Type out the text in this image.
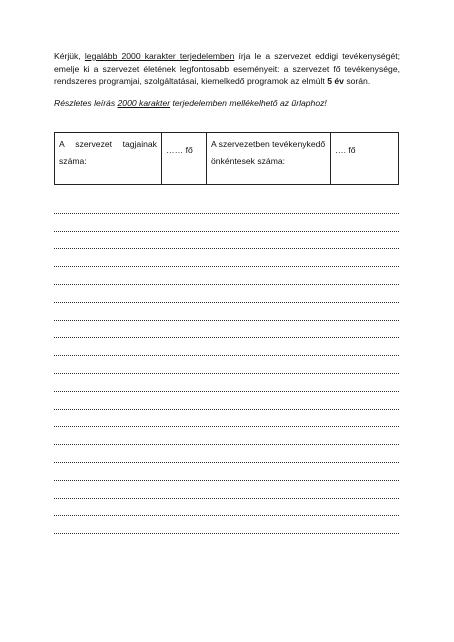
Kérjük, legalább 2000 karakter terjedelemben írja le a szervezet eddigi tevékenységét; emelje ki a szervezet életének legfontosabb eseményeit: a szervezet fő tevékenysége, rendszeres programjai, szolgáltatásai, kiemelkedő programok az elmúlt 5 év során.

Részletes leírás 2000 karakter terjedelemben mellékelhető az űrlaphoz!
A szervezet tagjainak
száma:
	…… fő	
A szervezetben tevékenykedő
önkéntesek száma:
	…. fő
